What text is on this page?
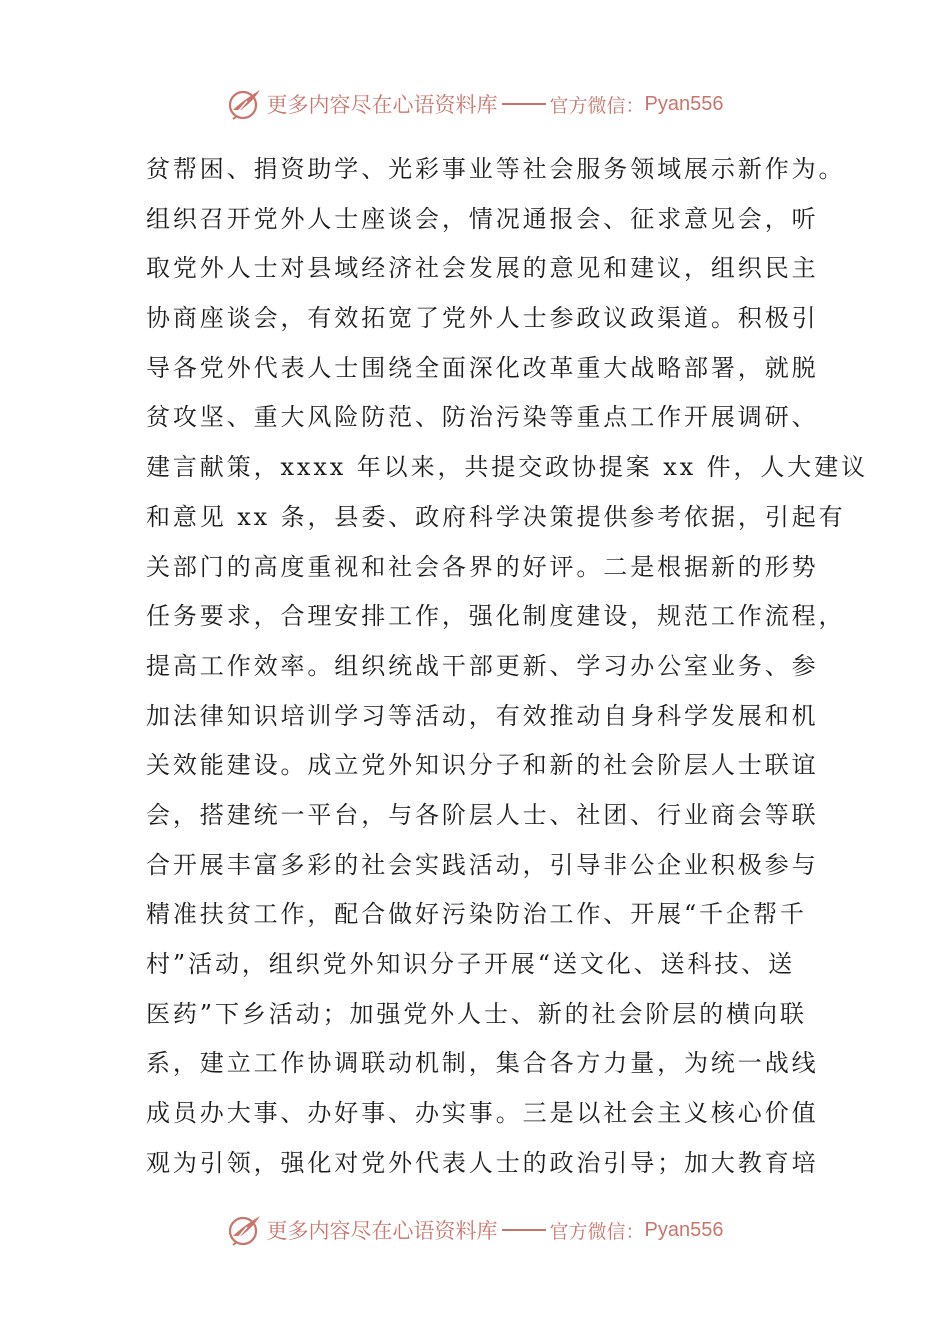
更多内容尽在心语资料库	官方微信： Pyan556
贫帮困、捐资助学、光彩事业等社会服务领域展示新作为。
组织召开党外人士座谈会，情况通报会、征求意见会，听
取党外人士对县域经济社会发展的意见和建议，组织民主
协商座谈会，有效拓宽了党外人士参政议政渠道。积极引
导各党外代表人士围绕全面深化改革重大战略部署，就脱
贫攻坚、重大风险防范、防治污染等重点工作开展调研、
建言献策，xxxx 年以来，共提交政协提案 xx 件，人大建议
和意见 xx 条，县委、政府科学决策提供参考依据，引起有
关部门的高度重视和社会各界的好评。二是根据新的形势
任务要求，合理安排工作，强化制度建设，规范工作流程，
提高工作效率。组织统战干部更新、学习办公室业务、参
加法律知识培训学习等活动，有效推动自身科学发展和机
关效能建设。成立党外知识分子和新的社会阶层人士联谊
会，搭建统一平台，与各阶层人士、社团、行业商会等联
合开展丰富多彩的社会实践活动，引导非公企业积极参与
精准扶贫工作，配合做好污染防治工作、开展“千企帮千
村”活动，组织党外知识分子开展“送文化、送科技、送
医药”下乡活动；加强党外人士、新的社会阶层的横向联
系，建立工作协调联动机制，集合各方力量，为统一战线
成员办大事、办好事、办实事。三是以社会主义核心价值
观为引领，强化对党外代表人士的政治引导；加大教育培
更多内容尽在心语资料库	官方微信： Pyan556
